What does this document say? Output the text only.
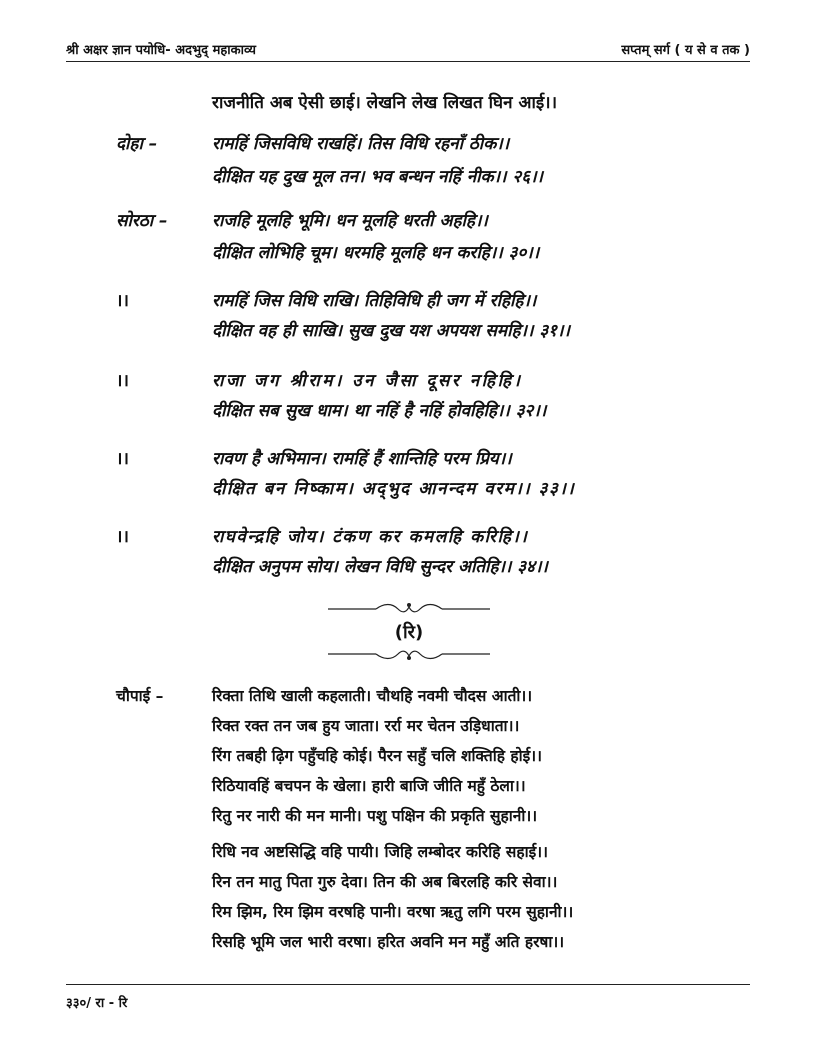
श्री अक्षर ज्ञान पयोधि- अदभुद् महाकाव्य	सप्तम् सर्ग ( य से व तक )
राजनीति अब ऐसी छाई। लेखनि लेख लिखत घिन आई।।
दोहा –	रामहिं जिसविधि राखहिं। तिस विधि रहनाँ ठीक।।
दीक्षित यह दुख मूल तन। भव बन्धन नहिं नीक।। २६।।
सोरठा –	राजहि मूलहि भूमि। धन मूलहि धरती अहहि।।
दीक्षित लोभिहि चूम। धरमहि मूलहि धन करहि।। ३०।।
।।	रामहिं जिस विधि राखि। तिहिविधि ही जग में रहिहि।।
दीक्षित वह ही साखि। सुख दुख यश अपयश समहि।। ३१।।
।।	राजा जग श्रीराम। उन जैसा दूसर नहिहि।
दीक्षित सब सुख धाम। था नहिं है नहिं होवहिहि।। ३२।।
।।	रावण है अभिमान। रामहिं हैं शान्तिहि परम प्रिय।।
दीक्षित बन निष्काम। अद्‌भुद आनन्दम वरम।। ३३।।
।।	राघवेन्द्रहि जोय। टंकण कर कमलहि करिहि।।
दीक्षित अनुपम सोय। लेखन विधि सुन्दर अतिहि।। ३४।।
(रि)
चौपाई –	रिक्ता तिथि खाली कहलाती। चौथहि नवमी चौदस आती।।
रिक्त रक्त तन जब हुय जाता। रर्रा मर चेतन उड़िधाता।।
रिंग तबही ढ़िग पहुँचहि कोई। पैरन सहुँ चलि शक्तिहि होई।।
रिठियावहिं बचपन के खेला। हारी बाजि जीति महुँ ठेला।।
रितु नर नारी की मन मानी। पशु पक्षिन की प्रकृति सुहानी।।
रिधि नव अष्टसिद्धि वहि पायी। जिहि लम्बोदर करिहि सहाई।।
रिन तन मातु पिता गुरु देवा। तिन की अब बिरलहि करि सेवा।।
रिम झिम, रिम झिम वरषहि पानी। वरषा ऋतु लगि परम सुहानी।।
रिसहि भूमि जल भारी वरषा। हरित अवनि मन महुँ अति हरषा।।
३३०/ रा - रि
